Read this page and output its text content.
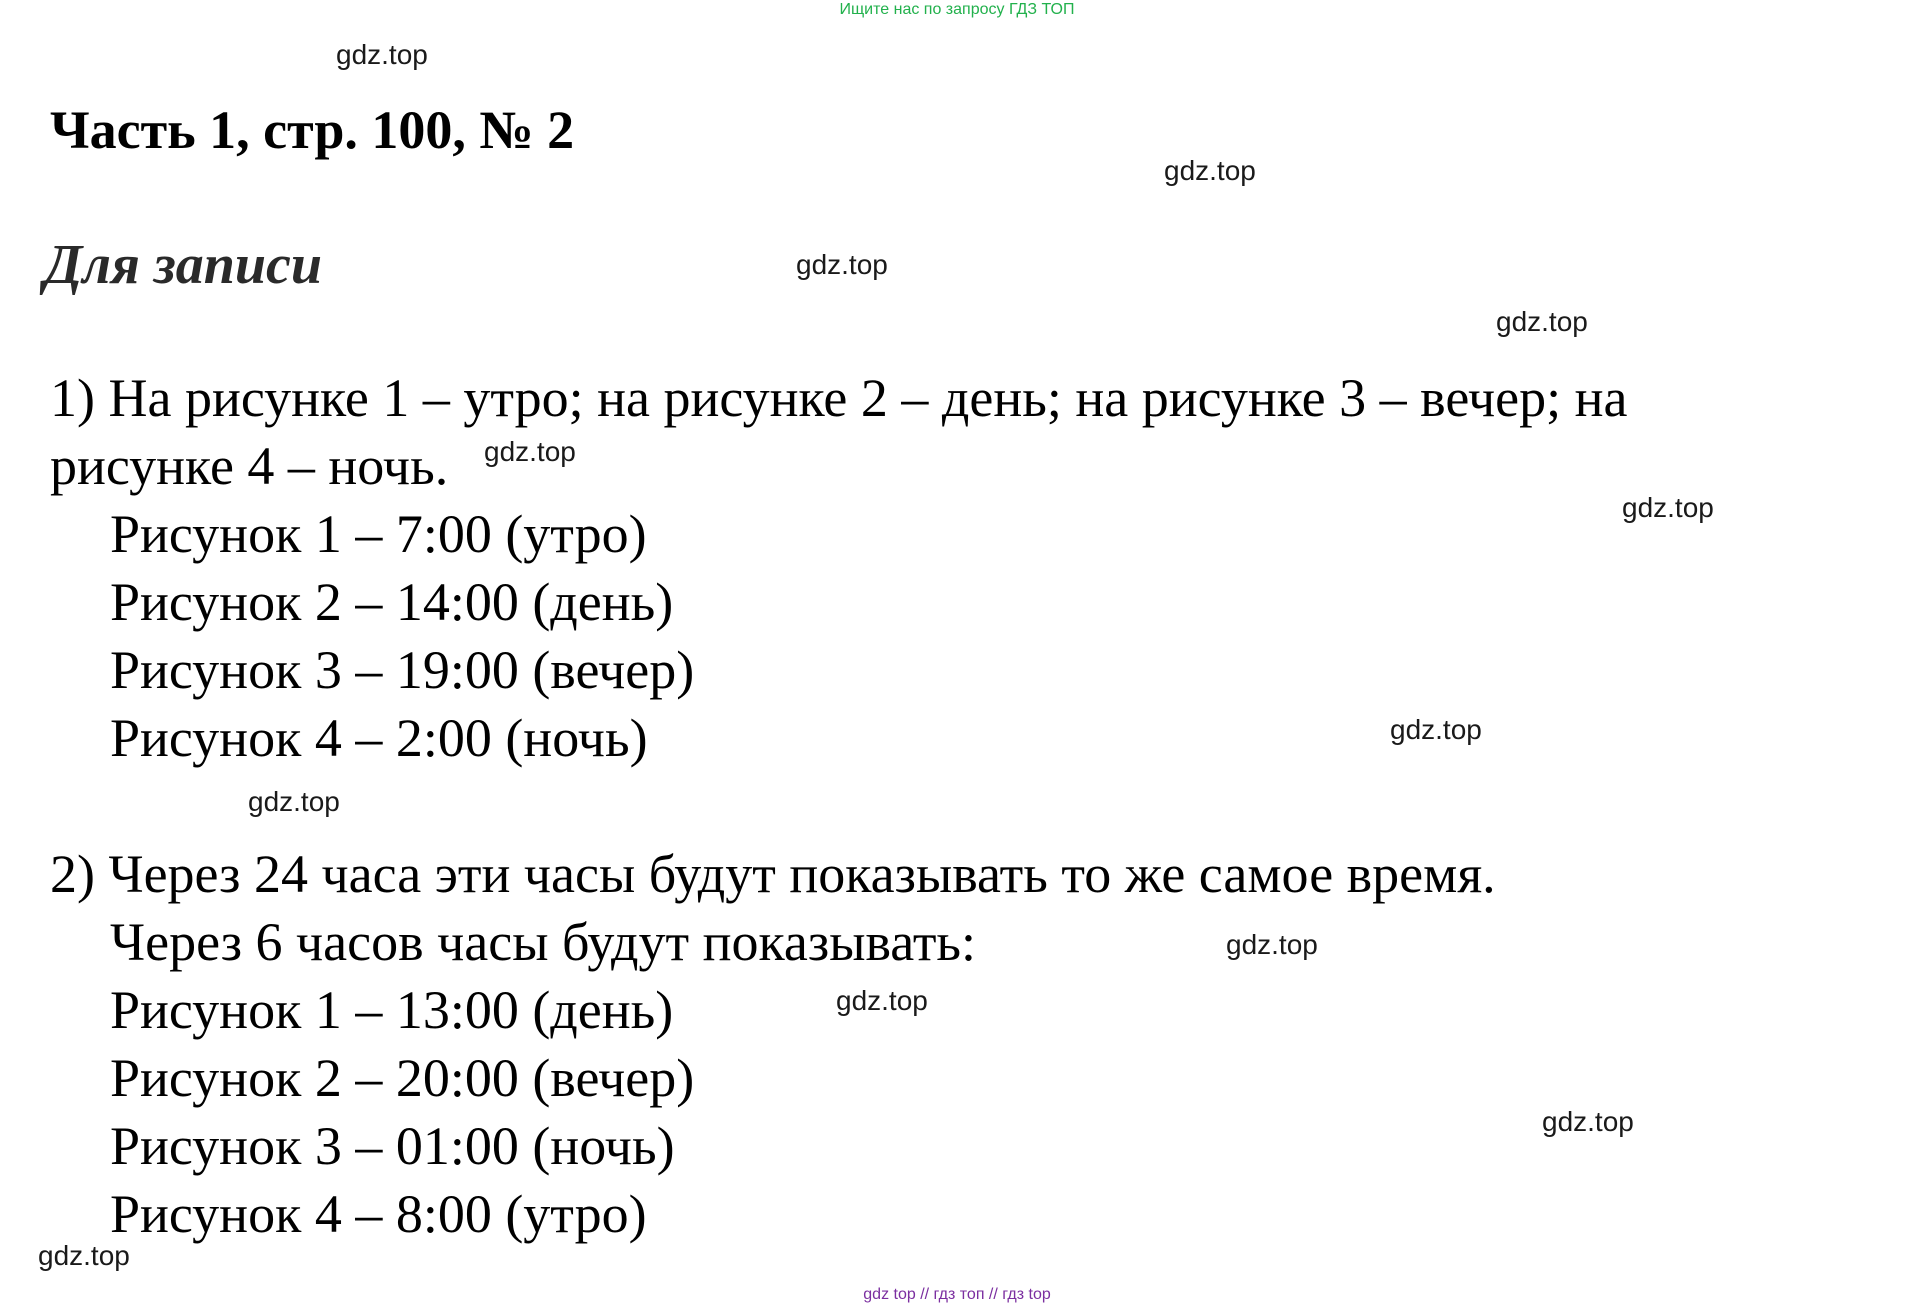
Ищите нас по запросу ГДЗ ТОП
Часть 1, стр. 100, № 2
Для записи
1) На рисунке 1 – утро; на рисунке 2 – день; на рисунке 3 – вечер; на
рисунке 4 – ночь.
Рисунок 1 – 7:00 (утро)
Рисунок 2 – 14:00 (день)
Рисунок 3 – 19:00 (вечер)
Рисунок 4 – 2:00 (ночь)
2) Через 24 часа эти часы будут показывать то же самое время.
Через 6 часов часы будут показывать:
Рисунок 1 – 13:00 (день)
Рисунок 2 – 20:00 (вечер)
Рисунок 3 – 01:00 (ночь)
Рисунок 4 – 8:00 (утро)
gdz.top
gdz.top
gdz.top
gdz.top
gdz.top
gdz.top
gdz.top
gdz.top
gdz.top
gdz.top
gdz.top
gdz.top
gdz top // гдз топ // гдз top
